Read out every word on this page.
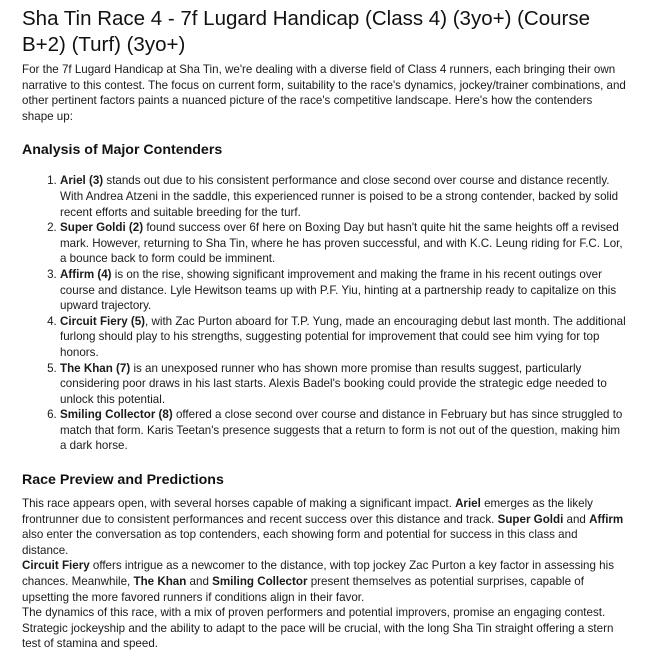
Sha Tin Race 4 - 7f Lugard Handicap (Class 4) (3yo+) (Course B+2) (Turf) (3yo+)

For the 7f Lugard Handicap at Sha Tin, we're dealing with a diverse field of Class 4 runners, each bringing their own narrative to this contest. The focus on current form, suitability to the race's dynamics, jockey/trainer combinations, and other pertinent factors paints a nuanced picture of the race's competitive landscape. Here's how the contenders shape up:

Analysis of Major Contenders
1. Ariel (3) stands out due to his consistent performance and close second over course and distance recently. With Andrea Atzeni in the saddle, this experienced runner is poised to be a strong contender, backed by solid recent efforts and suitable breeding for the turf.
2. Super Goldi (2) found success over 6f here on Boxing Day but hasn't quite hit the same heights off a revised mark. However, returning to Sha Tin, where he has proven successful, and with K.C. Leung riding for F.C. Lor, a bounce back to form could be imminent.
3. Affirm (4) is on the rise, showing significant improvement and making the frame in his recent outings over course and distance. Lyle Hewitson teams up with P.F. Yiu, hinting at a partnership ready to capitalize on this upward trajectory.
4. Circuit Fiery (5), with Zac Purton aboard for T.P. Yung, made an encouraging debut last month. The additional furlong should play to his strengths, suggesting potential for improvement that could see him vying for top honors.
5. The Khan (7) is an unexposed runner who has shown more promise than results suggest, particularly considering poor draws in his last starts. Alexis Badel's booking could provide the strategic edge needed to unlock this potential.
6. Smiling Collector (8) offered a close second over course and distance in February but has since struggled to match that form. Karis Teetan's presence suggests that a return to form is not out of the question, making him a dark horse.
Race Preview and Predictions

This race appears open, with several horses capable of making a significant impact. Ariel emerges as the likely frontrunner due to consistent performances and recent success over this distance and track. Super Goldi and Affirm also enter the conversation as top contenders, each showing form and potential for success in this class and distance.

Circuit Fiery offers intrigue as a newcomer to the distance, with top jockey Zac Purton a key factor in assessing his chances. Meanwhile, The Khan and Smiling Collector present themselves as potential surprises, capable of upsetting the more favored runners if conditions align in their favor.

The dynamics of this race, with a mix of proven performers and potential improvers, promise an engaging contest. Strategic jockeyship and the ability to adapt to the pace will be crucial, with the long Sha Tin straight offering a stern test of stamina and speed.
